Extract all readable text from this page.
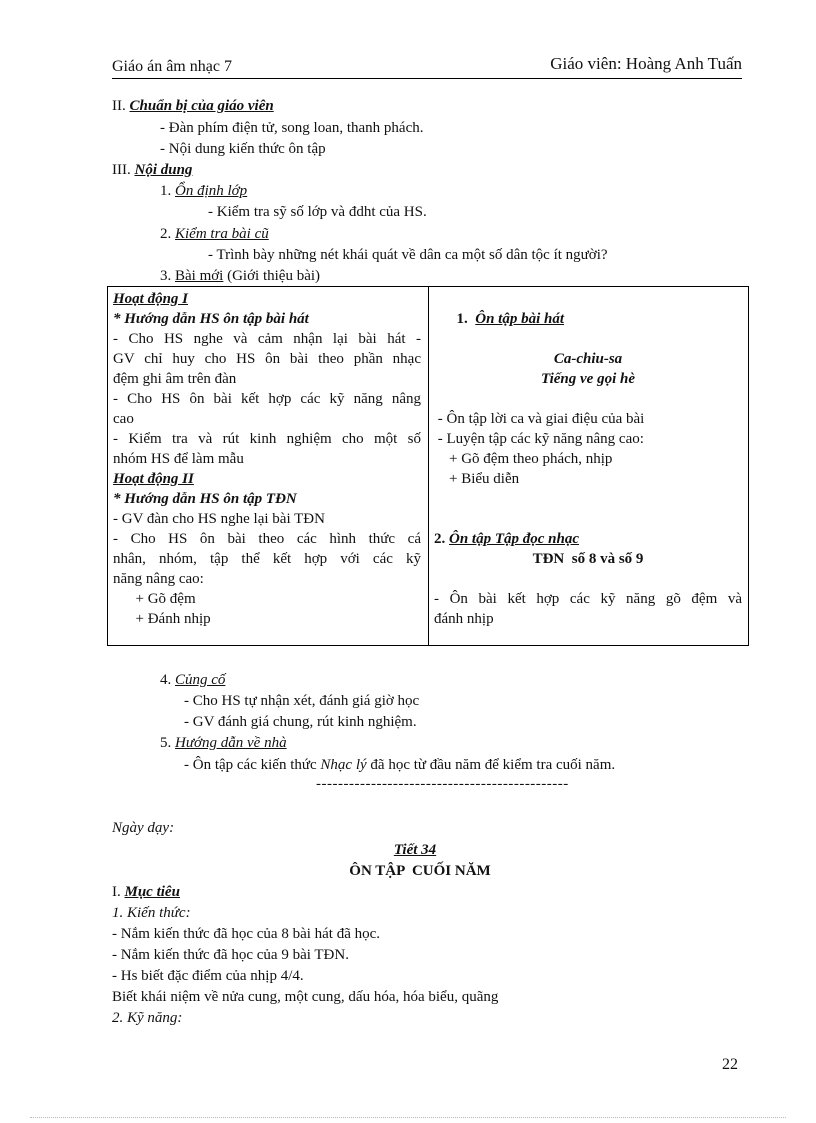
Giáo án âm nhạc 7	Giáo viên: Hoàng Anh Tuấn
II. Chuẩn bị của giáo viên
- Đàn phím điện tử, song loan, thanh phách.
- Nội dung kiến thức ôn tập
III. Nội dung
1. Ổn định lớp
- Kiểm tra sỹ số lớp và đdht của HS.
2. Kiểm tra bài cũ
- Trình bày những nét khái quát về dân ca một số dân tộc ít người?
3. Bài mới (Giới thiệu bài)
Hoạt động I
* Hướng dẫn HS ôn tập bài hát
- Cho HS nghe và cảm nhận lại bài hát -
GV chỉ huy cho HS ôn bài theo phần nhạc
đệm ghi âm trên đàn
- Cho HS ôn bài kết hợp các kỹ năng nâng
cao
- Kiểm tra và rút kinh nghiệm cho một số
nhóm HS để làm mẫu
Hoạt động II
* Hướng dẫn HS ôn tập TĐN
- GV đàn cho HS nghe lại bài TĐN
- Cho HS ôn bài theo các hình thức cá
nhân, nhóm, tập thể kết hợp với các kỹ
năng nâng cao:
+ Gõ đệm
+ Đánh nhịp

1.  Ôn tập bài hát

Ca-chiu-sa
Tiếng ve gọi hè

- Ôn tập lời ca và giai điệu của bài
- Luyện tập các kỹ năng nâng cao:
+ Gõ đệm theo phách, nhịp
+ Biểu diễn

2. Ôn tập Tập đọc nhạc
TĐN  số 8 và số 9

- Ôn bài kết hợp các kỹ năng gõ đệm và
đánh nhịp
4. Củng cố
- Cho HS tự nhận xét, đánh giá giờ học
- GV đánh giá chung, rút kinh nghiệm.
5. Hướng dẫn về nhà
- Ôn tập các kiến thức Nhạc lý đã học từ đầu năm để kiểm tra cuối năm.
----------------------------------------------
Ngày dạy:
Tiết 34
ÔN TẬP  CUỐI NĂM
I. Mục tiêu
1. Kiến thức:
- Nắm kiến thức đã học của 8 bài hát đã học.
- Nắm kiến thức đã học của 9 bài TĐN.
- Hs biết đặc điểm của nhịp 4/4.
Biết khái niệm về nửa cung, một cung, dấu hóa, hóa biểu, quãng
2. Kỹ năng:
22
